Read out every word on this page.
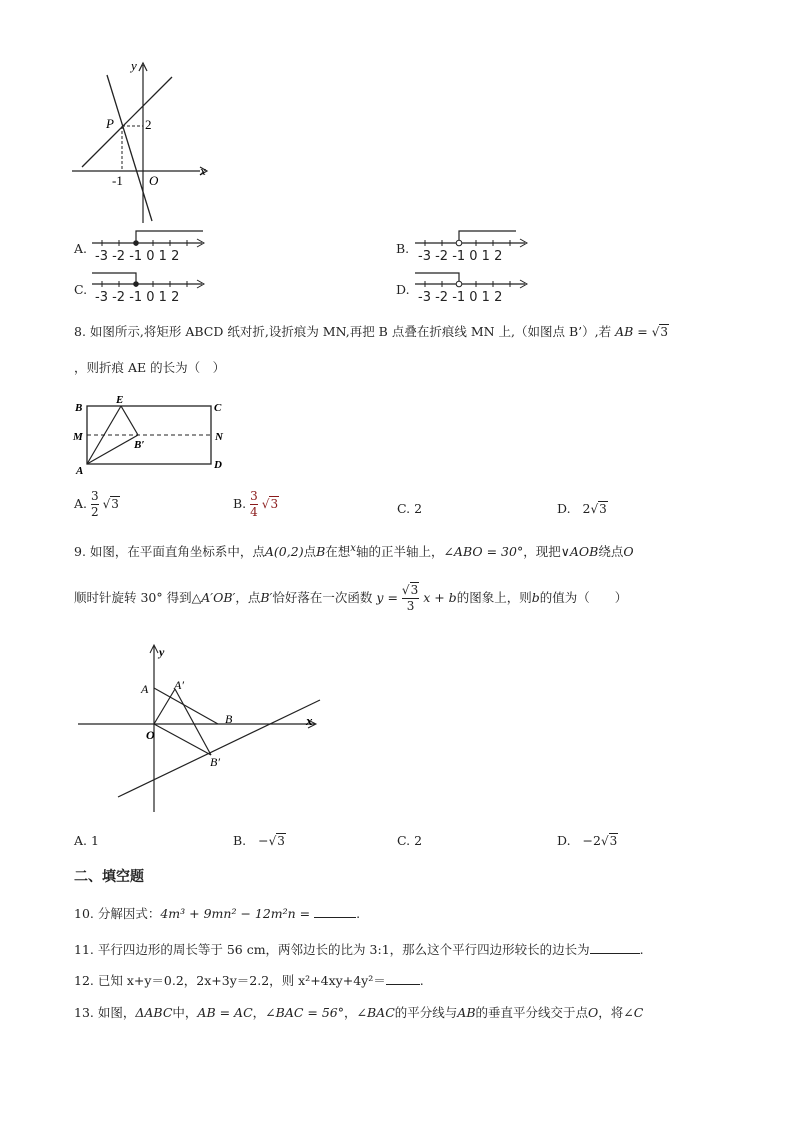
y
x
P 2
-1 O
A.
-3 -2 -1 0 1 2
B.
-3 -2 -1 0 1 2
C.
-3 -2 -1 0 1 2
D.
-3 -2 -1 0 1 2
8. 如图所示,将矩形 ABCD 纸对折,设折痕为 MN,再把 B 点叠在折痕线 MN 上,（如图点 B’）,若 AB = √3
，则折痕 AE 的长为（　）
B
E
C
M	N
B′
A	D
A. $\frac{3}{2} √3$	B. $\frac{3}{4} √3$	C. 2	D. 2√3
9. 如图，在平面直角坐标系中，点A(0,2)点B在想$^x$轴的正半轴上，∠ABO = 30°，现把∨AOB绕点O
顺时针旋转 30° 得到△A′OB′，点B′恰好落在一次函数 $y = \frac{√3}{3}$ x + b的图象上，则b的值为（　　）
y
x
A A′
B
O
B′
A. 1	B. −√3	C. 2	D. −2√3
二、填空题
10. 分解因式：4m³ + 9mn² − 12m²n =	.
11. 平行四边形的周长等于 56 cm，两邻边长的比为 3:1，那么这个平行四边形较长的边长为	.
12. 已知 x+y＝0.2，2x+3y＝2.2，则 x²+4xy+4y²＝	.
13. 如图，ΔABC中，AB = AC，∠BAC = 56°，∠BAC的平分线与AB的垂直平分线交于点O，将∠C
